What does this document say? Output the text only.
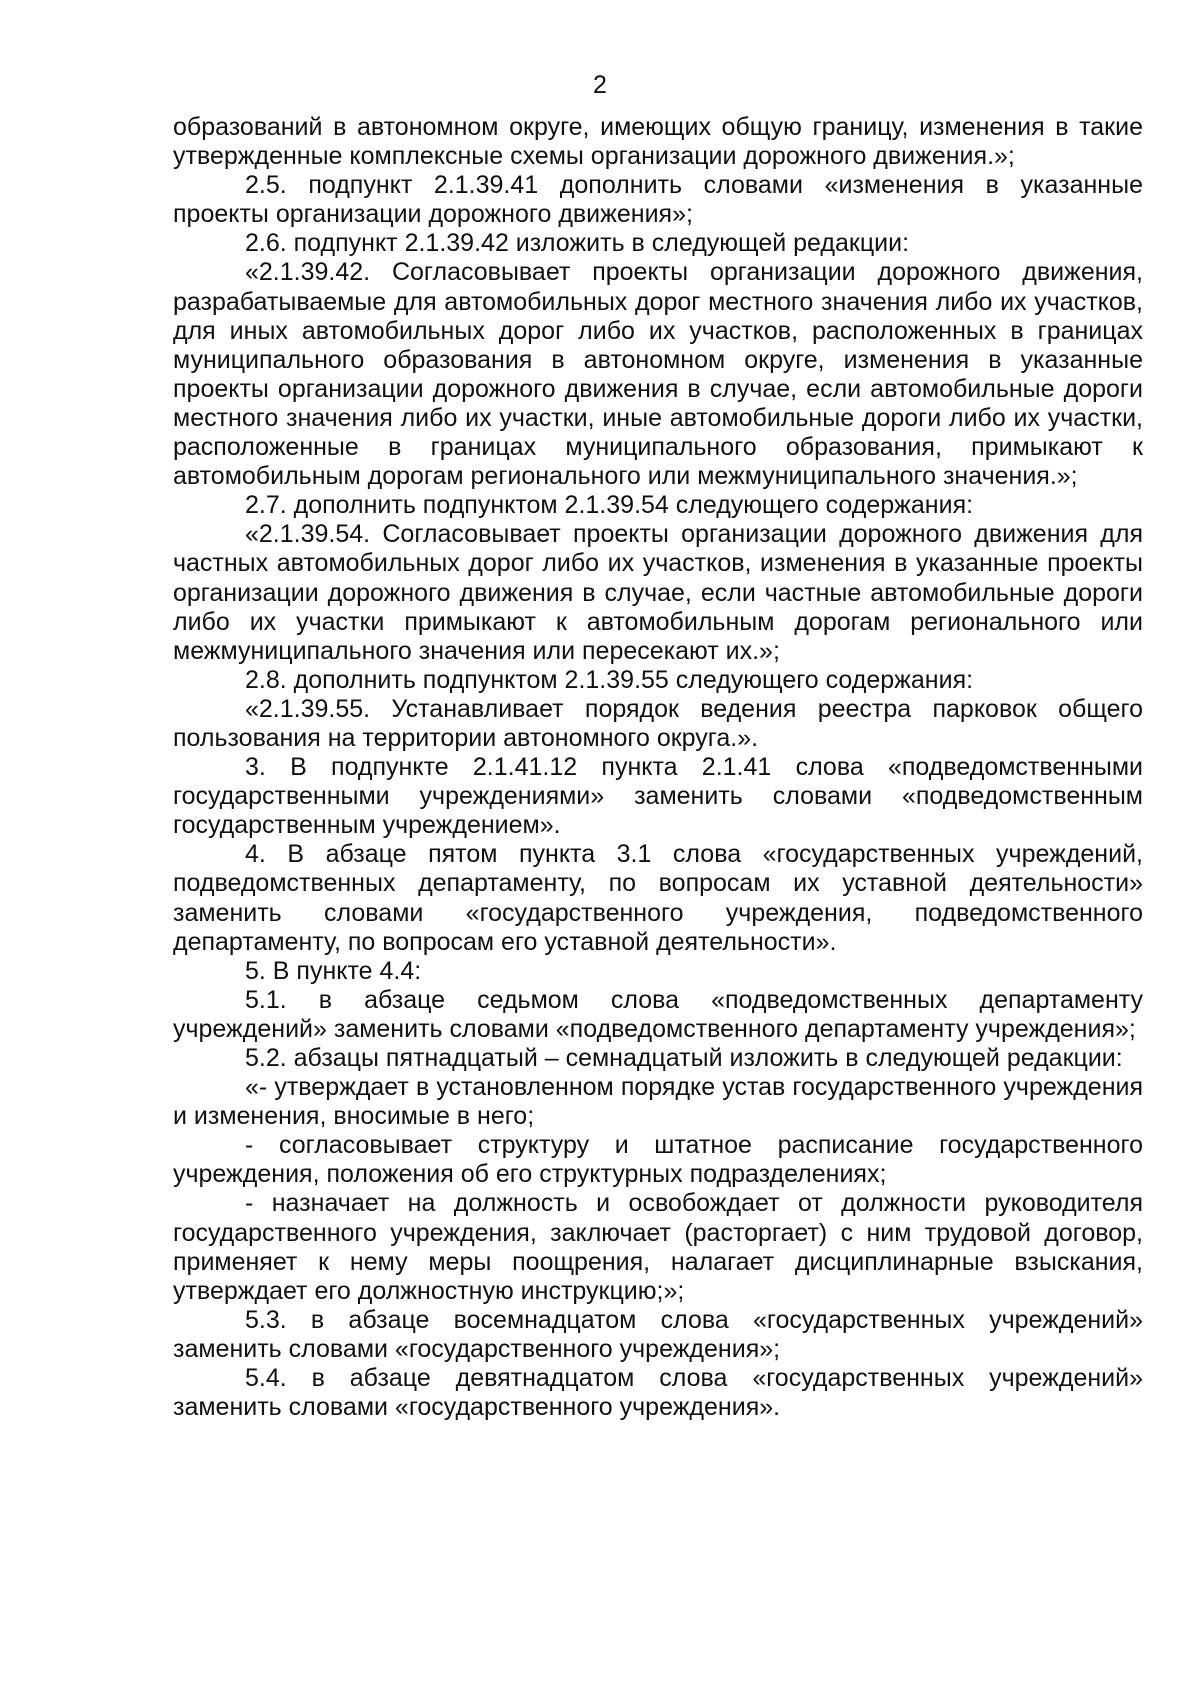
2

образований в автономном округе, имеющих общую границу, изменения в такие утвержденные комплексные схемы организации дорожного движения.»;

2.5. подпункт 2.1.39.41 дополнить словами «изменения в указанные проекты организации дорожного движения»;

2.6. подпункт 2.1.39.42 изложить в следующей редакции:

«2.1.39.42. Согласовывает проекты организации дорожного движения, разрабатываемые для автомобильных дорог местного значения либо их участков, для иных автомобильных дорог либо их участков, расположенных в границах муниципального образования в автономном округе, изменения в указанные проекты организации дорожного движения в случае, если автомобильные дороги местного значения либо их участки, иные автомобильные дороги либо их участки, расположенные в границах муниципального образования, примыкают к автомобильным дорогам регионального или межмуниципального значения.»;

2.7. дополнить подпунктом 2.1.39.54 следующего содержания:

«2.1.39.54. Согласовывает проекты организации дорожного движения для частных автомобильных дорог либо их участков, изменения в указанные проекты организации дорожного движения в случае, если частные автомобильные дороги либо их участки примыкают к автомобильным дорогам регионального или межмуниципального значения или пересекают их.»;

2.8. дополнить подпунктом 2.1.39.55 следующего содержания:

«2.1.39.55. Устанавливает порядок ведения реестра парковок общего пользования на территории автономного округа.».

3. В подпункте 2.1.41.12 пункта 2.1.41 слова «подведомственными государственными учреждениями» заменить словами «подведомственным государственным учреждением».

4. В абзаце пятом пункта 3.1 слова «государственных учреждений, подведомственных департаменту, по вопросам их уставной деятельности» заменить словами «государственного учреждения, подведомственного департаменту, по вопросам его уставной деятельности».

5. В пункте 4.4:

5.1. в абзаце седьмом слова «подведомственных департаменту учреждений» заменить словами «подведомственного департаменту учреждения»;

5.2. абзацы пятнадцатый – семнадцатый изложить в следующей редакции:

«- утверждает в установленном порядке устав государственного учреждения и изменения, вносимые в него;

- согласовывает структуру и штатное расписание государственного учреждения, положения об его структурных подразделениях;

- назначает на должность и освобождает от должности руководителя государственного учреждения, заключает (расторгает) с ним трудовой договор, применяет к нему меры поощрения, налагает дисциплинарные взыскания, утверждает его должностную инструкцию;»;

5.3. в абзаце восемнадцатом слова «государственных учреждений» заменить словами «государственного учреждения»;

5.4. в абзаце девятнадцатом слова «государственных учреждений» заменить словами «государственного учреждения».
